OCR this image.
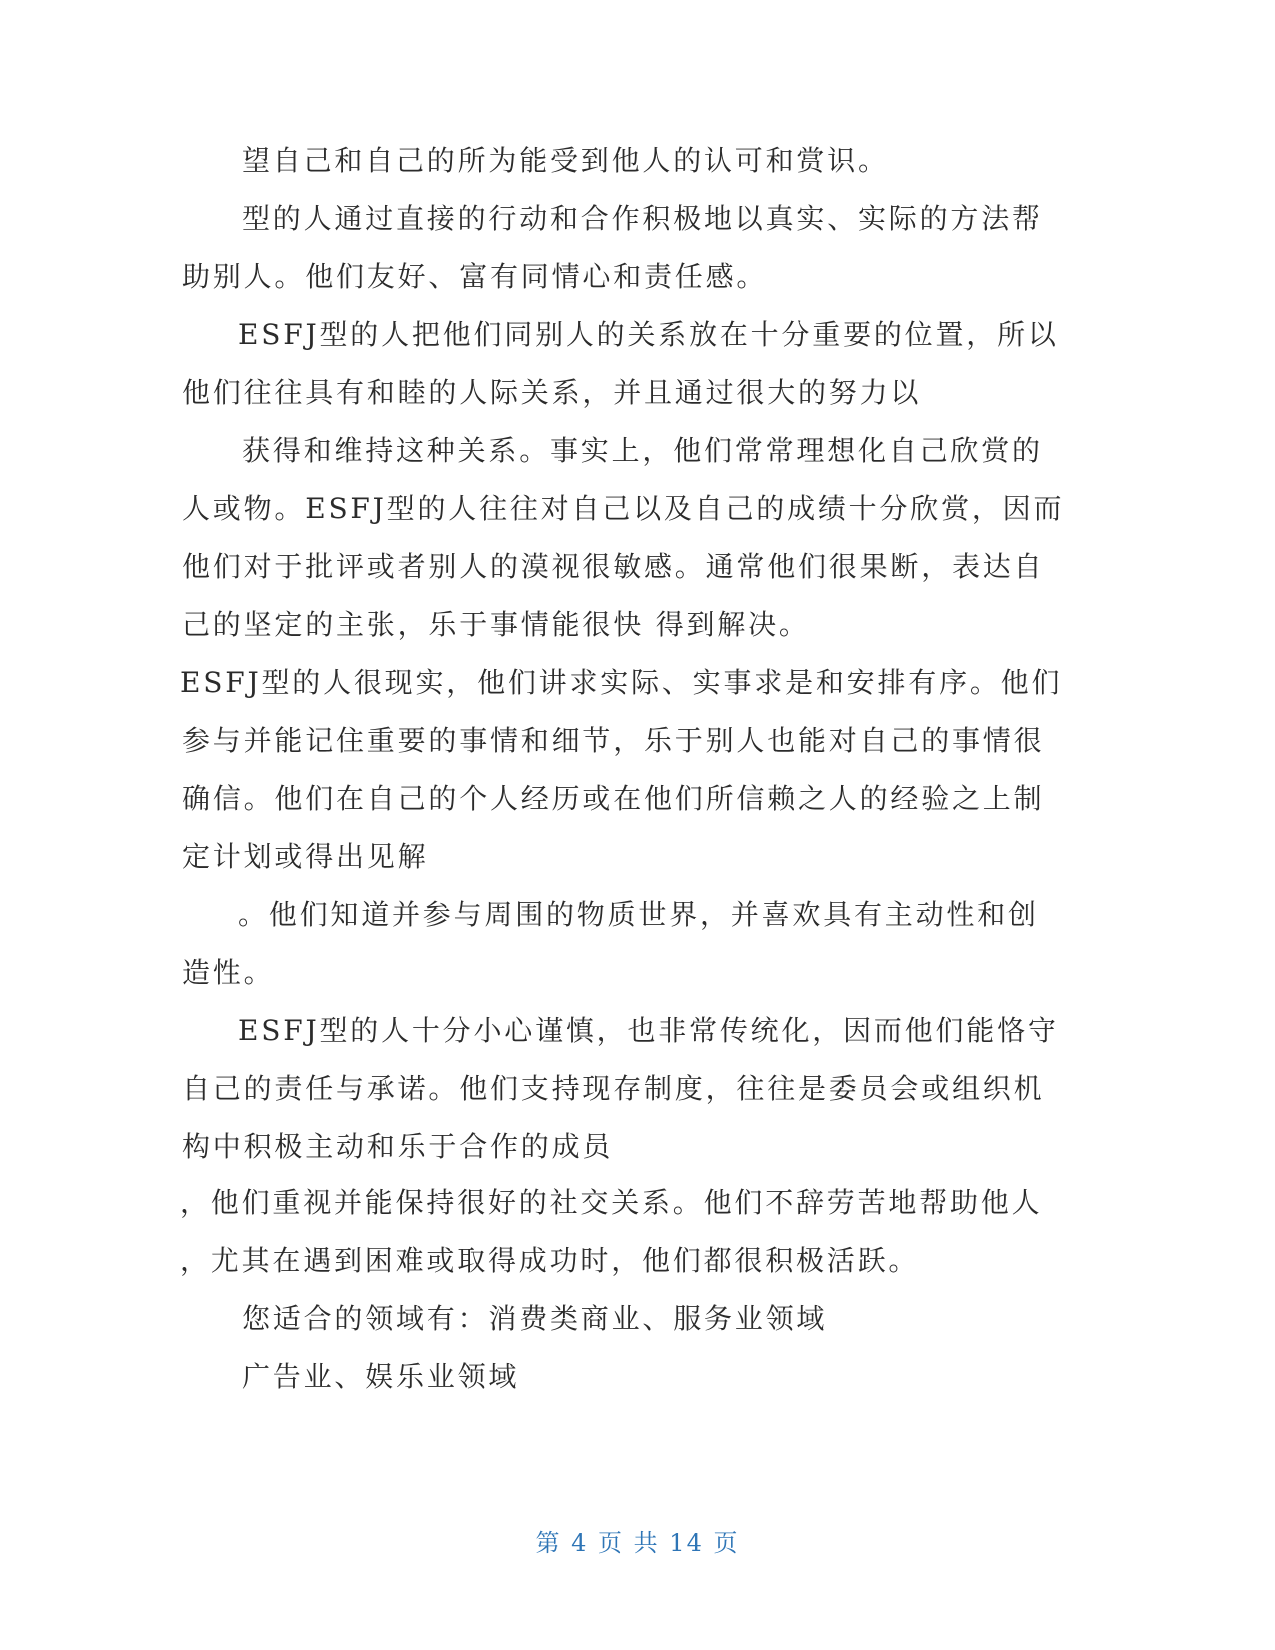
望自己和自己的所为能受到他人的认可和赏识。
型的人通过直接的行动和合作积极地以真实、实际的方法帮
助别人。他们友好、富有同情心和责任感。
ESFJ型的人把他们同别人的关系放在十分重要的位置，所以
他们往往具有和睦的人际关系，并且通过很大的努力以
获得和维持这种关系。事实上，他们常常理想化自己欣赏的
人或物。ESFJ型的人往往对自己以及自己的成绩十分欣赏，因而
他们对于批评或者别人的漠视很敏感。通常他们很果断，表达自
己的坚定的主张，乐于事情能很快 得到解决。
ESFJ型的人很现实，他们讲求实际、实事求是和安排有序。他们
参与并能记住重要的事情和细节，乐于别人也能对自己的事情很
确信。他们在自己的个人经历或在他们所信赖之人的经验之上制
定计划或得出见解
。他们知道并参与周围的物质世界，并喜欢具有主动性和创
造性。
ESFJ型的人十分小心谨慎，也非常传统化，因而他们能恪守
自己的责任与承诺。他们支持现存制度，往往是委员会或组织机
构中积极主动和乐于合作的成员
，他们重视并能保持很好的社交关系。他们不辞劳苦地帮助他人
，尤其在遇到困难或取得成功时，他们都很积极活跃。
您适合的领域有：消费类商业、服务业领域
广告业、娱乐业领域
第 4 页 共 14 页
